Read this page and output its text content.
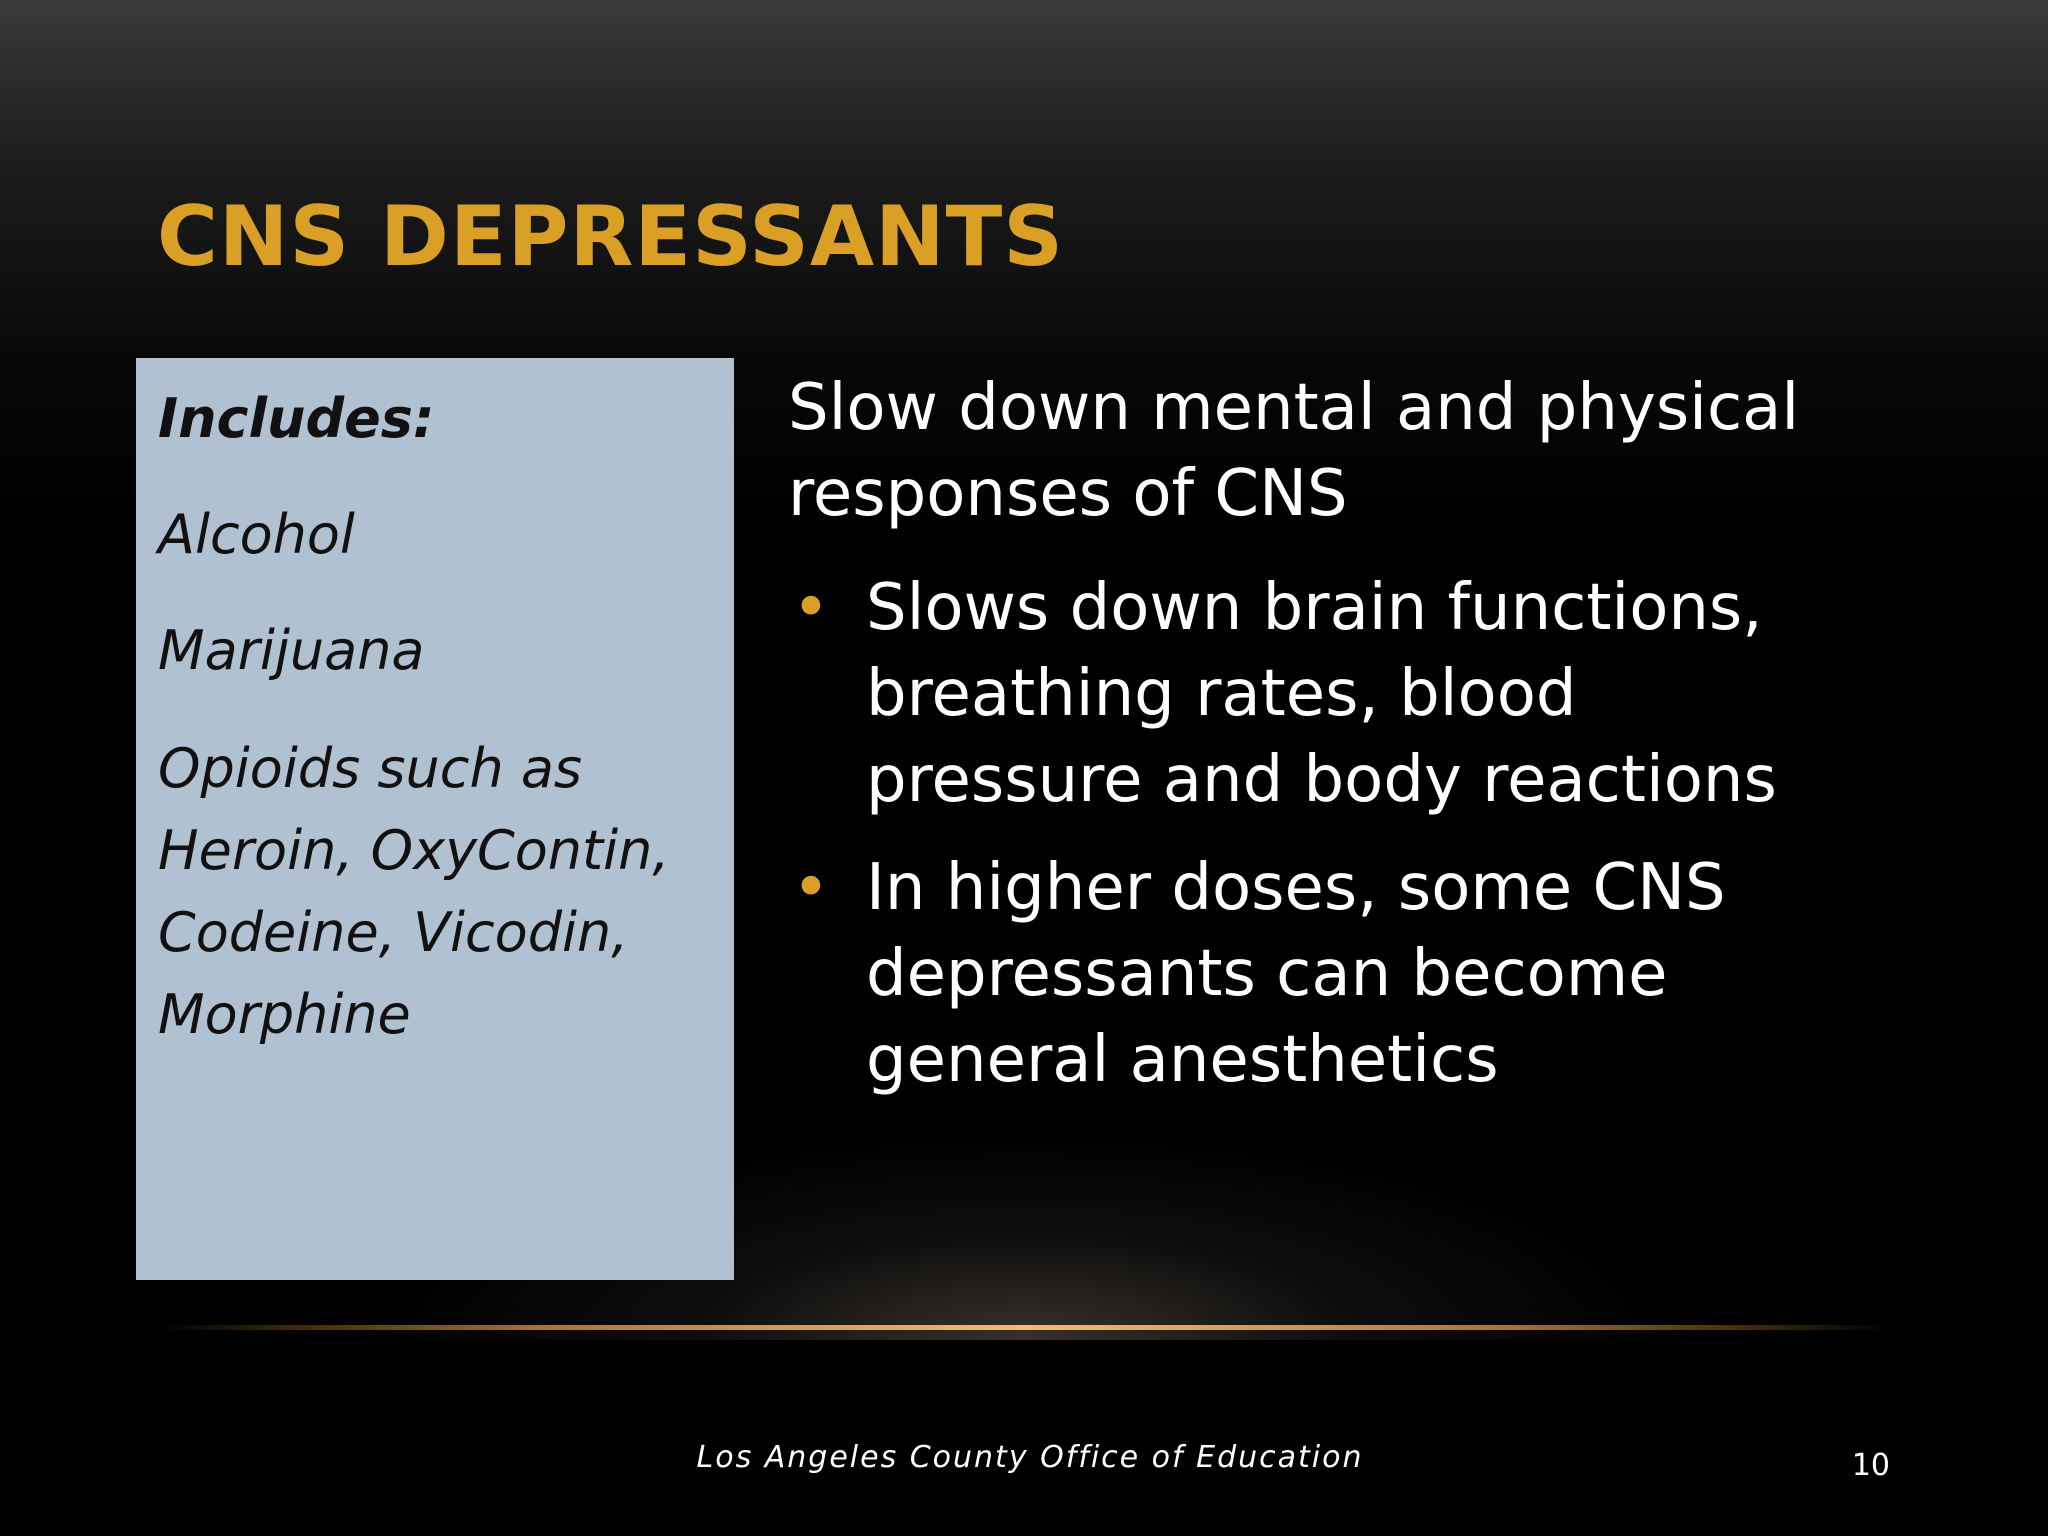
CNS DEPRESSANTS

Includes:

Alcohol

Marijuana

Opioids such as Heroin, OxyContin, Codeine, Vicodin, Morphine

Slow down mental and physical responses of CNS

• Slows down brain functions, breathing rates, blood pressure and body reactions
• In higher doses, some CNS depressants can become general anesthetics
Los Angeles County Office of Education	10
